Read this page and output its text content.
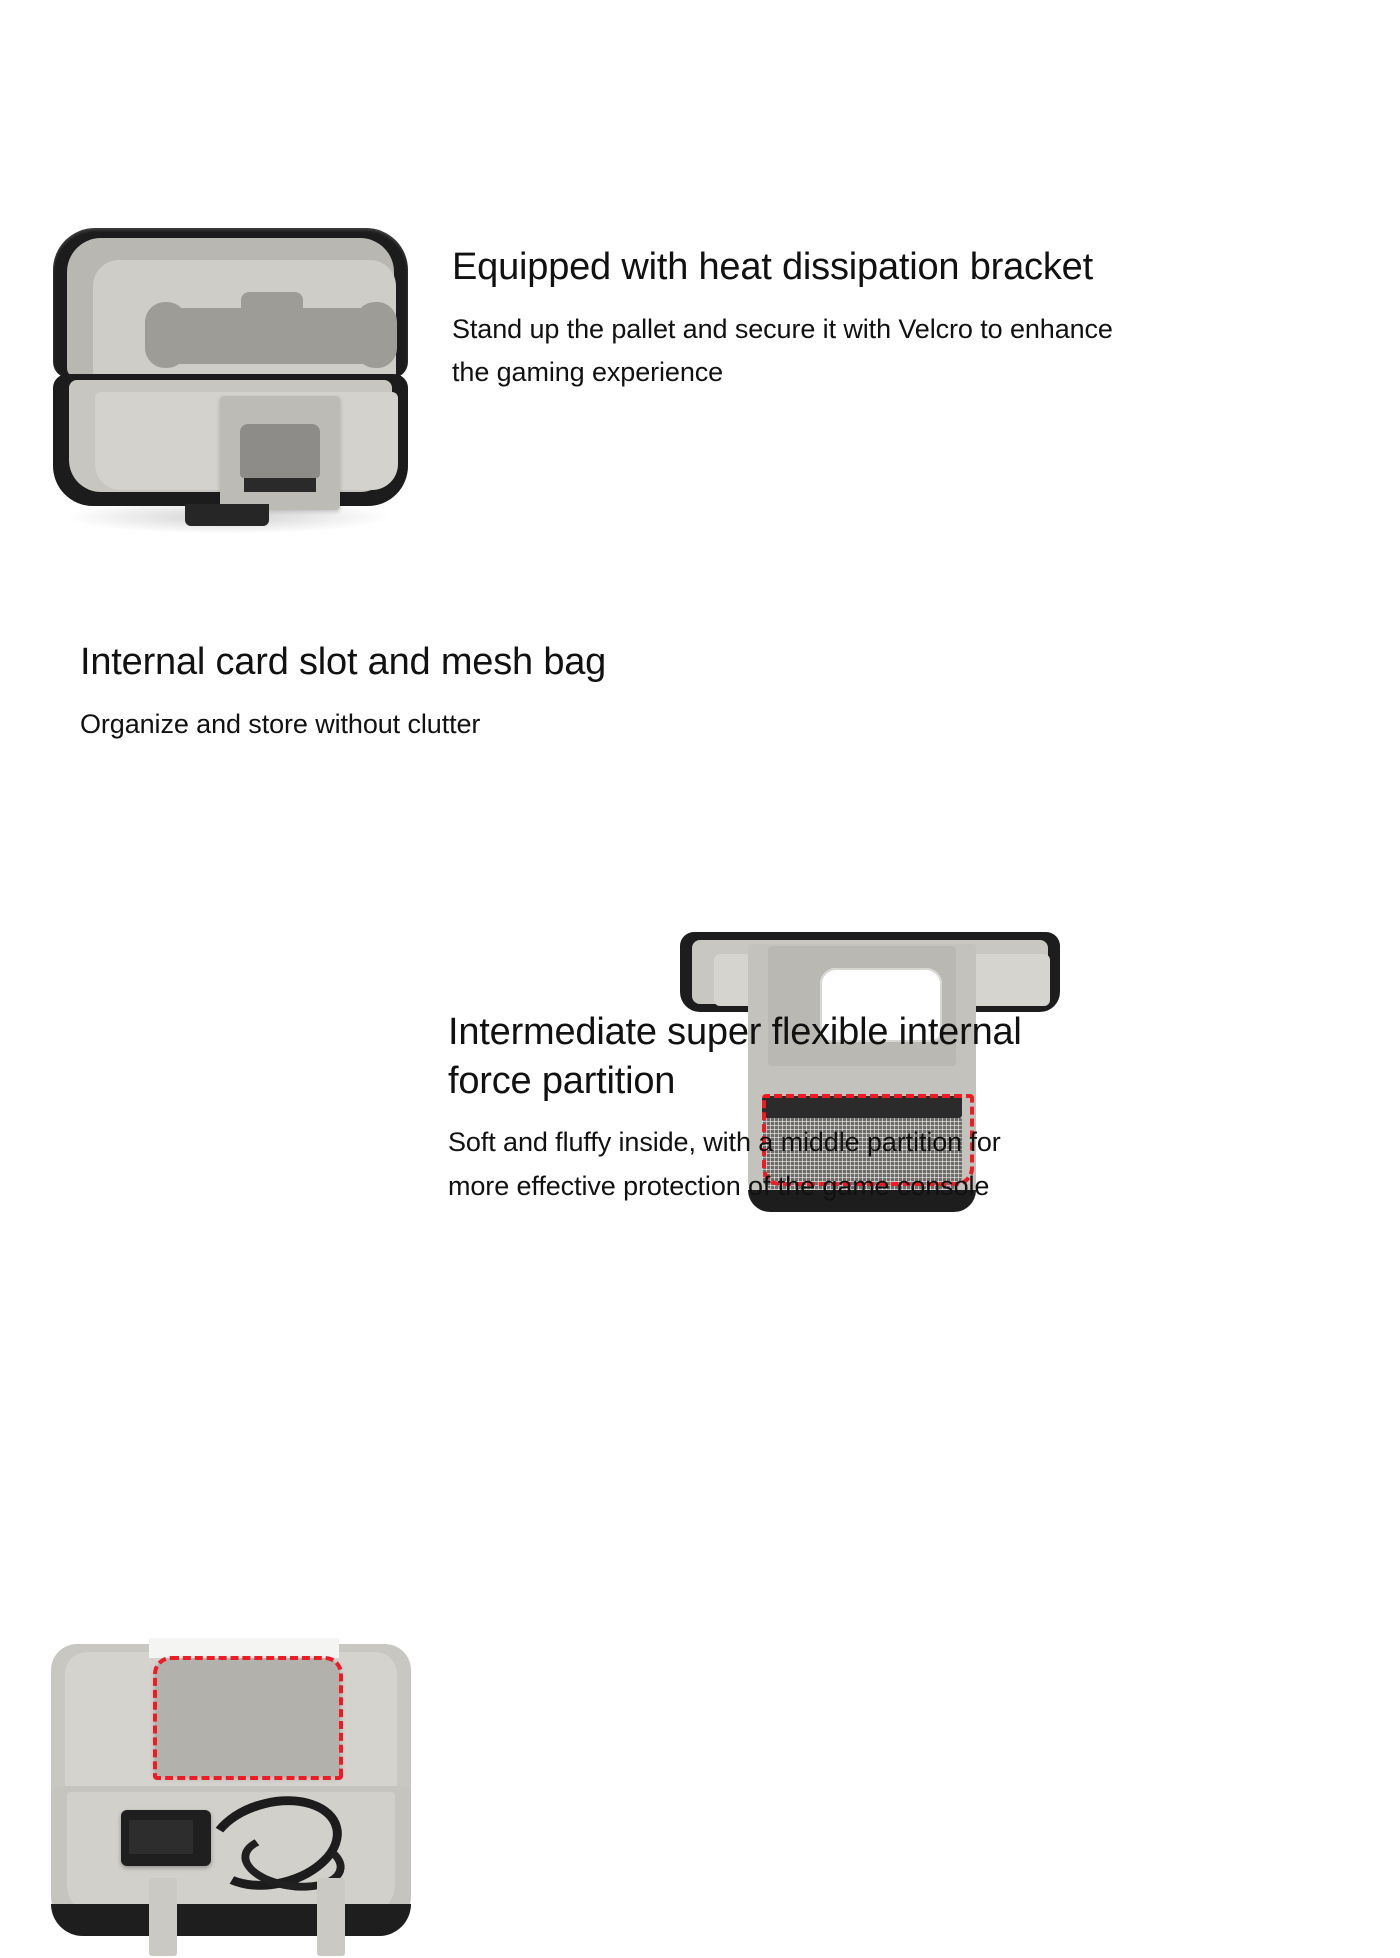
Equipped with heat dissipation bracket

Stand up the pallet and secure it with Velcro to enhance the gaming experience

Internal card slot and mesh bag

Organize and store without clutter

Intermediate super flexible internal force partition

Soft and fluffy inside, with a middle partition for more effective protection of the game console
